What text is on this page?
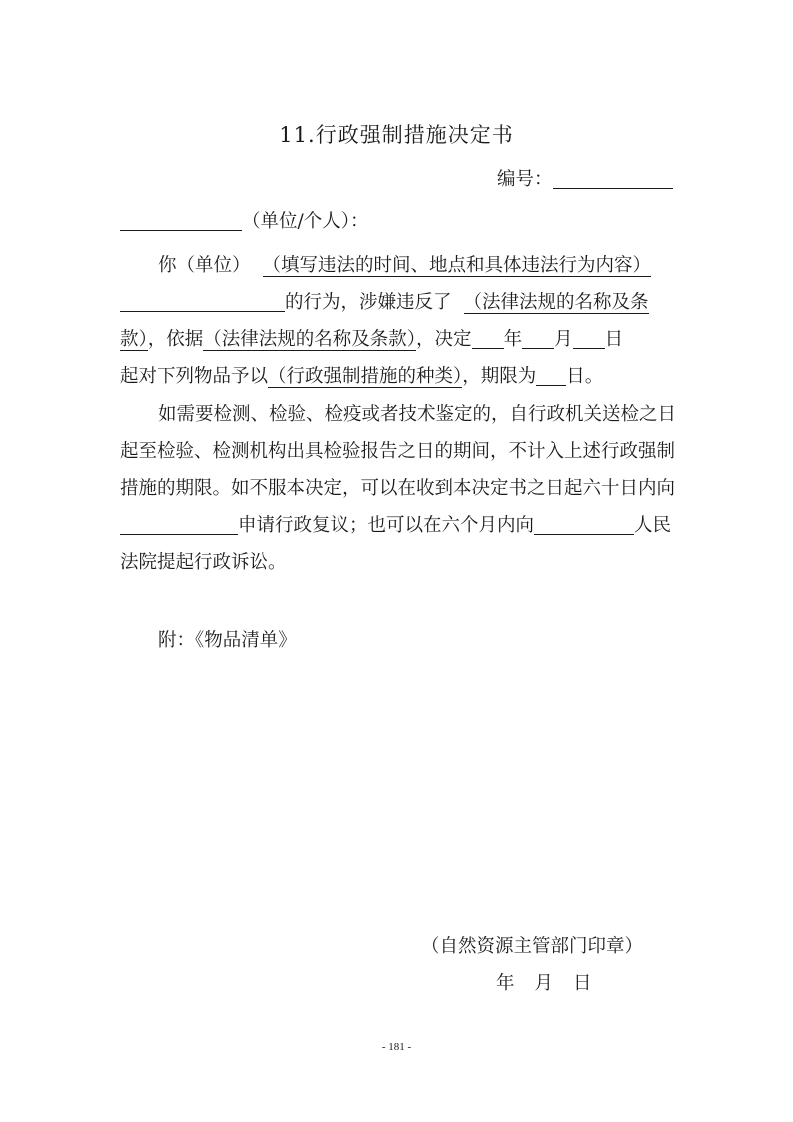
11.行政强制措施决定书
编号：
（单位/个人）：
你（单位） （填写违法的时间、地点和具体违法行为内容）
的行为，涉嫌违反了 （法律法规的名称及条
款），依据（法律法规的名称及条款），决定 年 月 日
起对下列物品予以（行政强制措施的种类），期限为 日。
如需要检测、检验、检疫或者技术鉴定的，自行政机关送检之日
起至检验、检测机构出具检验报告之日的期间，不计入上述行政强制
措施的期限。如不服本决定，可以在收到本决定书之日起六十日内向
申请行政复议；也可以在六个月内向	人民
法院提起行政诉讼。
附：《物品清单》
（自然资源主管部门印章）
年 月 日
- 181 -
